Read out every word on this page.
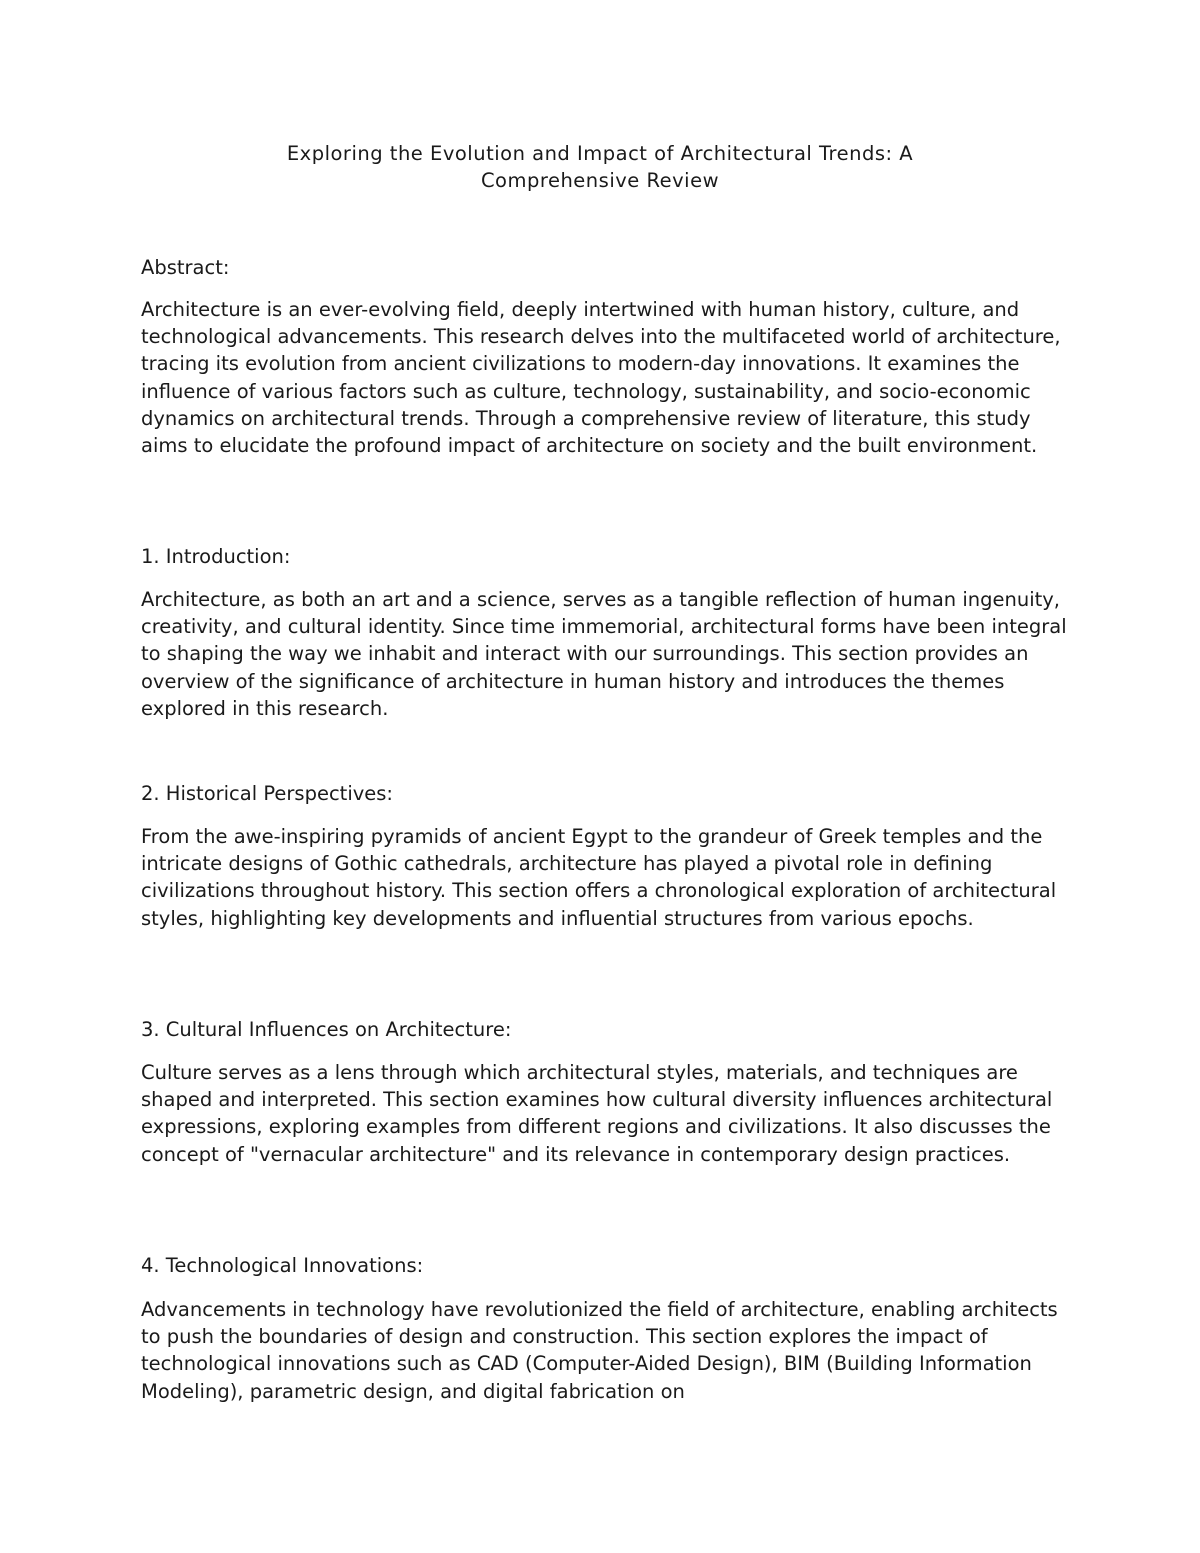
Exploring the Evolution and Impact of Architectural Trends: A
Comprehensive Review

Abstract:

Architecture is an ever-evolving field, deeply intertwined with human history, culture, and technological advancements. This research delves into the multifaceted world of architecture, tracing its evolution from ancient civilizations to modern-day innovations. It examines the influence of various factors such as culture, technology, sustainability, and socio-economic dynamics on architectural trends. Through a comprehensive review of literature, this study aims to elucidate the profound impact of architecture on society and the built environment.

1. Introduction:

Architecture, as both an art and a science, serves as a tangible reflection of human ingenuity, creativity, and cultural identity. Since time immemorial, architectural forms have been integral to shaping the way we inhabit and interact with our surroundings. This section provides an overview of the significance of architecture in human history and introduces the themes explored in this research.

2. Historical Perspectives:

From the awe-inspiring pyramids of ancient Egypt to the grandeur of Greek temples and the intricate designs of Gothic cathedrals, architecture has played a pivotal role in defining civilizations throughout history. This section offers a chronological exploration of architectural styles, highlighting key developments and influential structures from various epochs.

3. Cultural Influences on Architecture:

Culture serves as a lens through which architectural styles, materials, and techniques are shaped and interpreted. This section examines how cultural diversity influences architectural expressions, exploring examples from different regions and civilizations. It also discusses the concept of "vernacular architecture" and its relevance in contemporary design practices.

4. Technological Innovations:

Advancements in technology have revolutionized the field of architecture, enabling architects to push the boundaries of design and construction. This section explores the impact of technological innovations such as CAD (Computer-Aided Design), BIM (Building Information Modeling), parametric design, and digital fabrication on
